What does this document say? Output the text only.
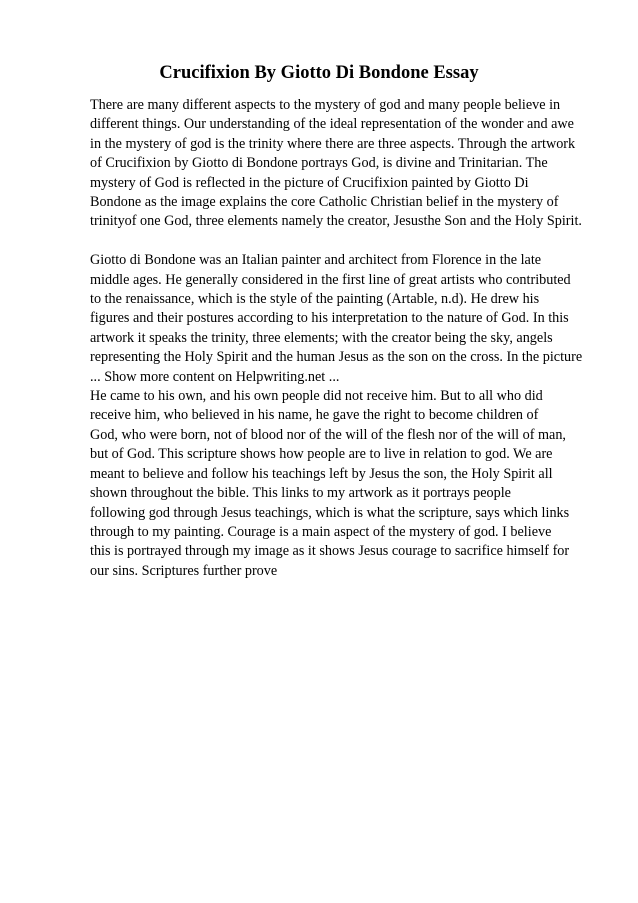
Crucifixion By Giotto Di Bondone Essay
There are many different aspects to the mystery of god and many people believe in
different things. Our understanding of the ideal representation of the wonder and awe
in the mystery of god is the trinity where there are three aspects. Through the artwork
of Crucifixion by Giotto di Bondone portrays God, is divine and Trinitarian. The
mystery of God is reflected in the picture of Crucifixion painted by Giotto Di
Bondone as the image explains the core Catholic Christian belief in the mystery of
trinityof one God, three elements namely the creator, Jesusthe Son and the Holy Spirit.
Giotto di Bondone was an Italian painter and architect from Florence in the late
middle ages. He generally considered in the first line of great artists who contributed
to the renaissance, which is the style of the painting (Artable, n.d). He drew his
figures and their postures according to his interpretation to the nature of God. In this
artwork it speaks the trinity, three elements; with the creator being the sky, angels
representing the Holy Spirit and the human Jesus as the son on the cross. In the picture
... Show more content on Helpwriting.net ...
He came to his own, and his own people did not receive him. But to all who did
receive him, who believed in his name, he gave the right to become children of
God, who were born, not of blood nor of the will of the flesh nor of the will of man,
but of God. This scripture shows how people are to live in relation to god. We are
meant to believe and follow his teachings left by Jesus the son, the Holy Spirit all
shown throughout the bible. This links to my artwork as it portrays people
following god through Jesus teachings, which is what the scripture, says which links
through to my painting. Courage is a main aspect of the mystery of god. I believe
this is portrayed through my image as it shows Jesus courage to sacrifice himself for
our sins. Scriptures further prove
